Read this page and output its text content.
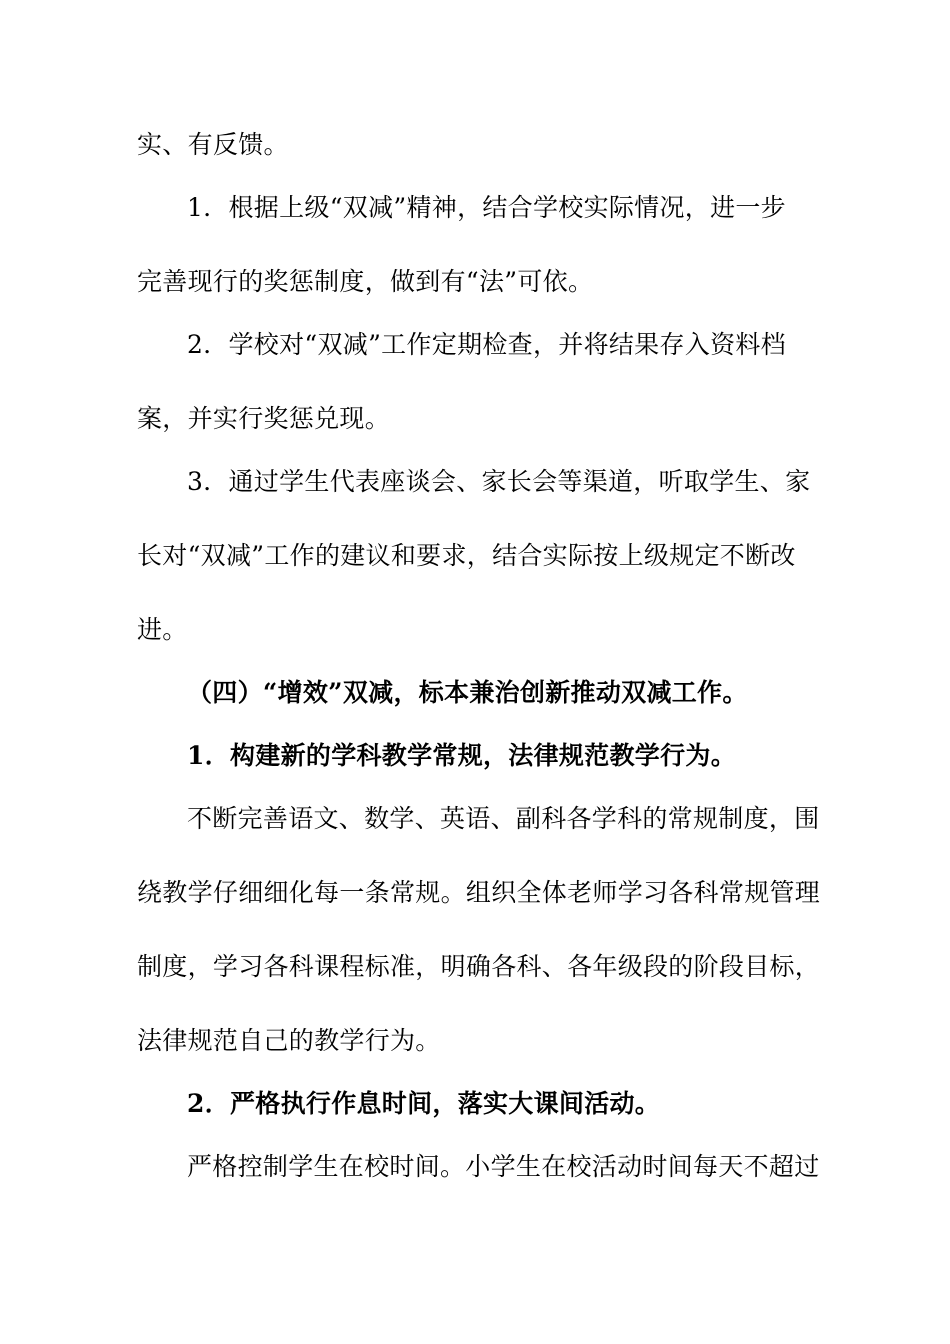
实、有反馈。
1．根据上级“双减”精神，结合学校实际情况，进一步
完善现行的奖惩制度，做到有“法”可依。
2．学校对“双减”工作定期检查，并将结果存入资料档
案，并实行奖惩兑现。
3．通过学生代表座谈会、家长会等渠道，听取学生、家
长对“双减”工作的建议和要求，结合实际按上级规定不断改
进。
（四）“增效”双减，标本兼治创新推动双减工作。
1．构建新的学科教学常规，法律规范教学行为。
不断完善语文、数学、英语、副科各学科的常规制度，围
绕教学仔细细化每一条常规。组织全体老师学习各科常规管理
制度，学习各科课程标准，明确各科、各年级段的阶段目标，
法律规范自己的教学行为。
2．严格执行作息时间，落实大课间活动。
严格控制学生在校时间。小学生在校活动时间每天不超过
